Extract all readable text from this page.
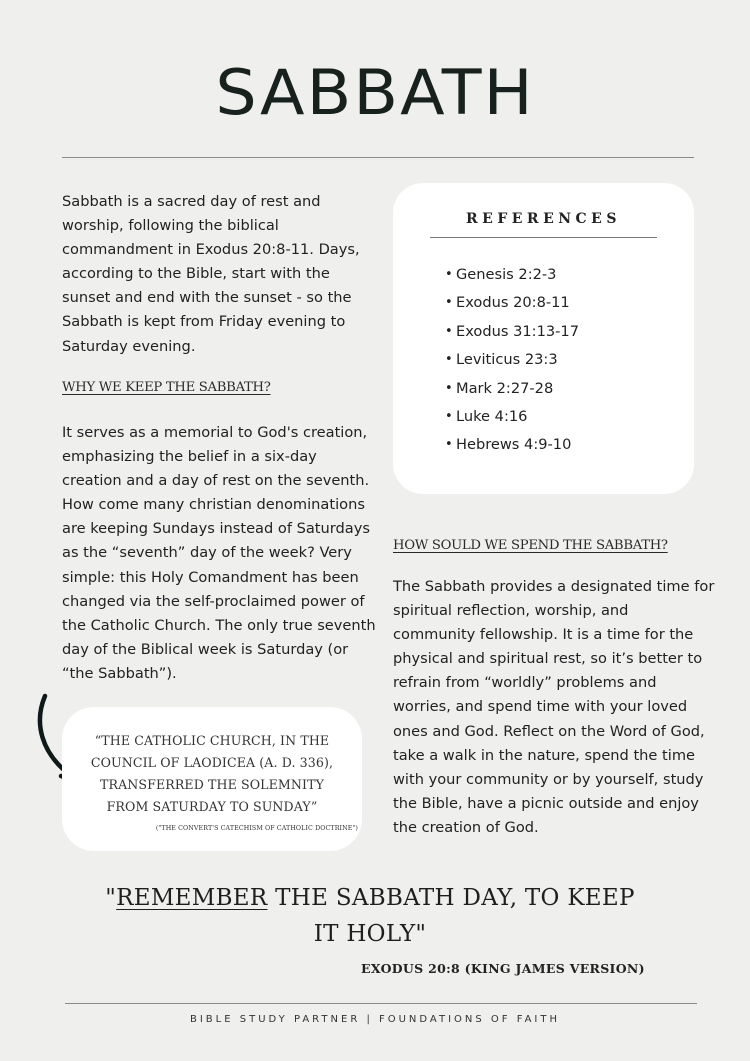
SABBATH

Sabbath is a sacred day of rest and worship, following the biblical commandment in Exodus 20:8-11. Days, according to the Bible, start with the sunset and end with the sunset - so the Sabbath is kept from Friday evening to Saturday evening.

WHY WE KEEP THE SABBATH?

It serves as a memorial to God's creation, emphasizing the belief in a six-day creation and a day of rest on the seventh. How come many christian denominations are keeping Sundays instead of Saturdays as the “seventh” day of the week? Very simple: this Holy Comandment has been changed via the self-proclaimed power of the Catholic Church. The only true seventh day of the Biblical week is Saturday (or “the Sabbath”).

REFERENCES
• Genesis 2:2-3
• Exodus 20:8-11
• Exodus 31:13-17
• Leviticus 23:3
• Mark 2:27-28
• Luke 4:16
• Hebrews 4:9-10
HOW SOULD WE SPEND THE SABBATH?

The Sabbath provides a designated time for spiritual reflection, worship, and community fellowship. It is a time for the physical and spiritual rest, so it’s better to refrain from “worldly” problems and worries, and spend time with your loved ones and God. Reflect on the Word of God, take a walk in the nature, spend the time with your community or by yourself, study the Bible, have a picnic outside and enjoy the creation of God.

“THE CATHOLIC CHURCH, IN THE COUNCIL OF LAODICEA (A. D. 336), TRANSFERRED THE SOLEMNITY FROM SATURDAY TO SUNDAY”
("THE CONVERT'S CATECHISM OF CATHOLIC DOCTRINE")
"REMEMBER THE SABBATH DAY, TO KEEP IT HOLY"
EXODUS 20:8 (KING JAMES VERSION)
BIBLE STUDY PARTNER | FOUNDATIONS OF FAITH
